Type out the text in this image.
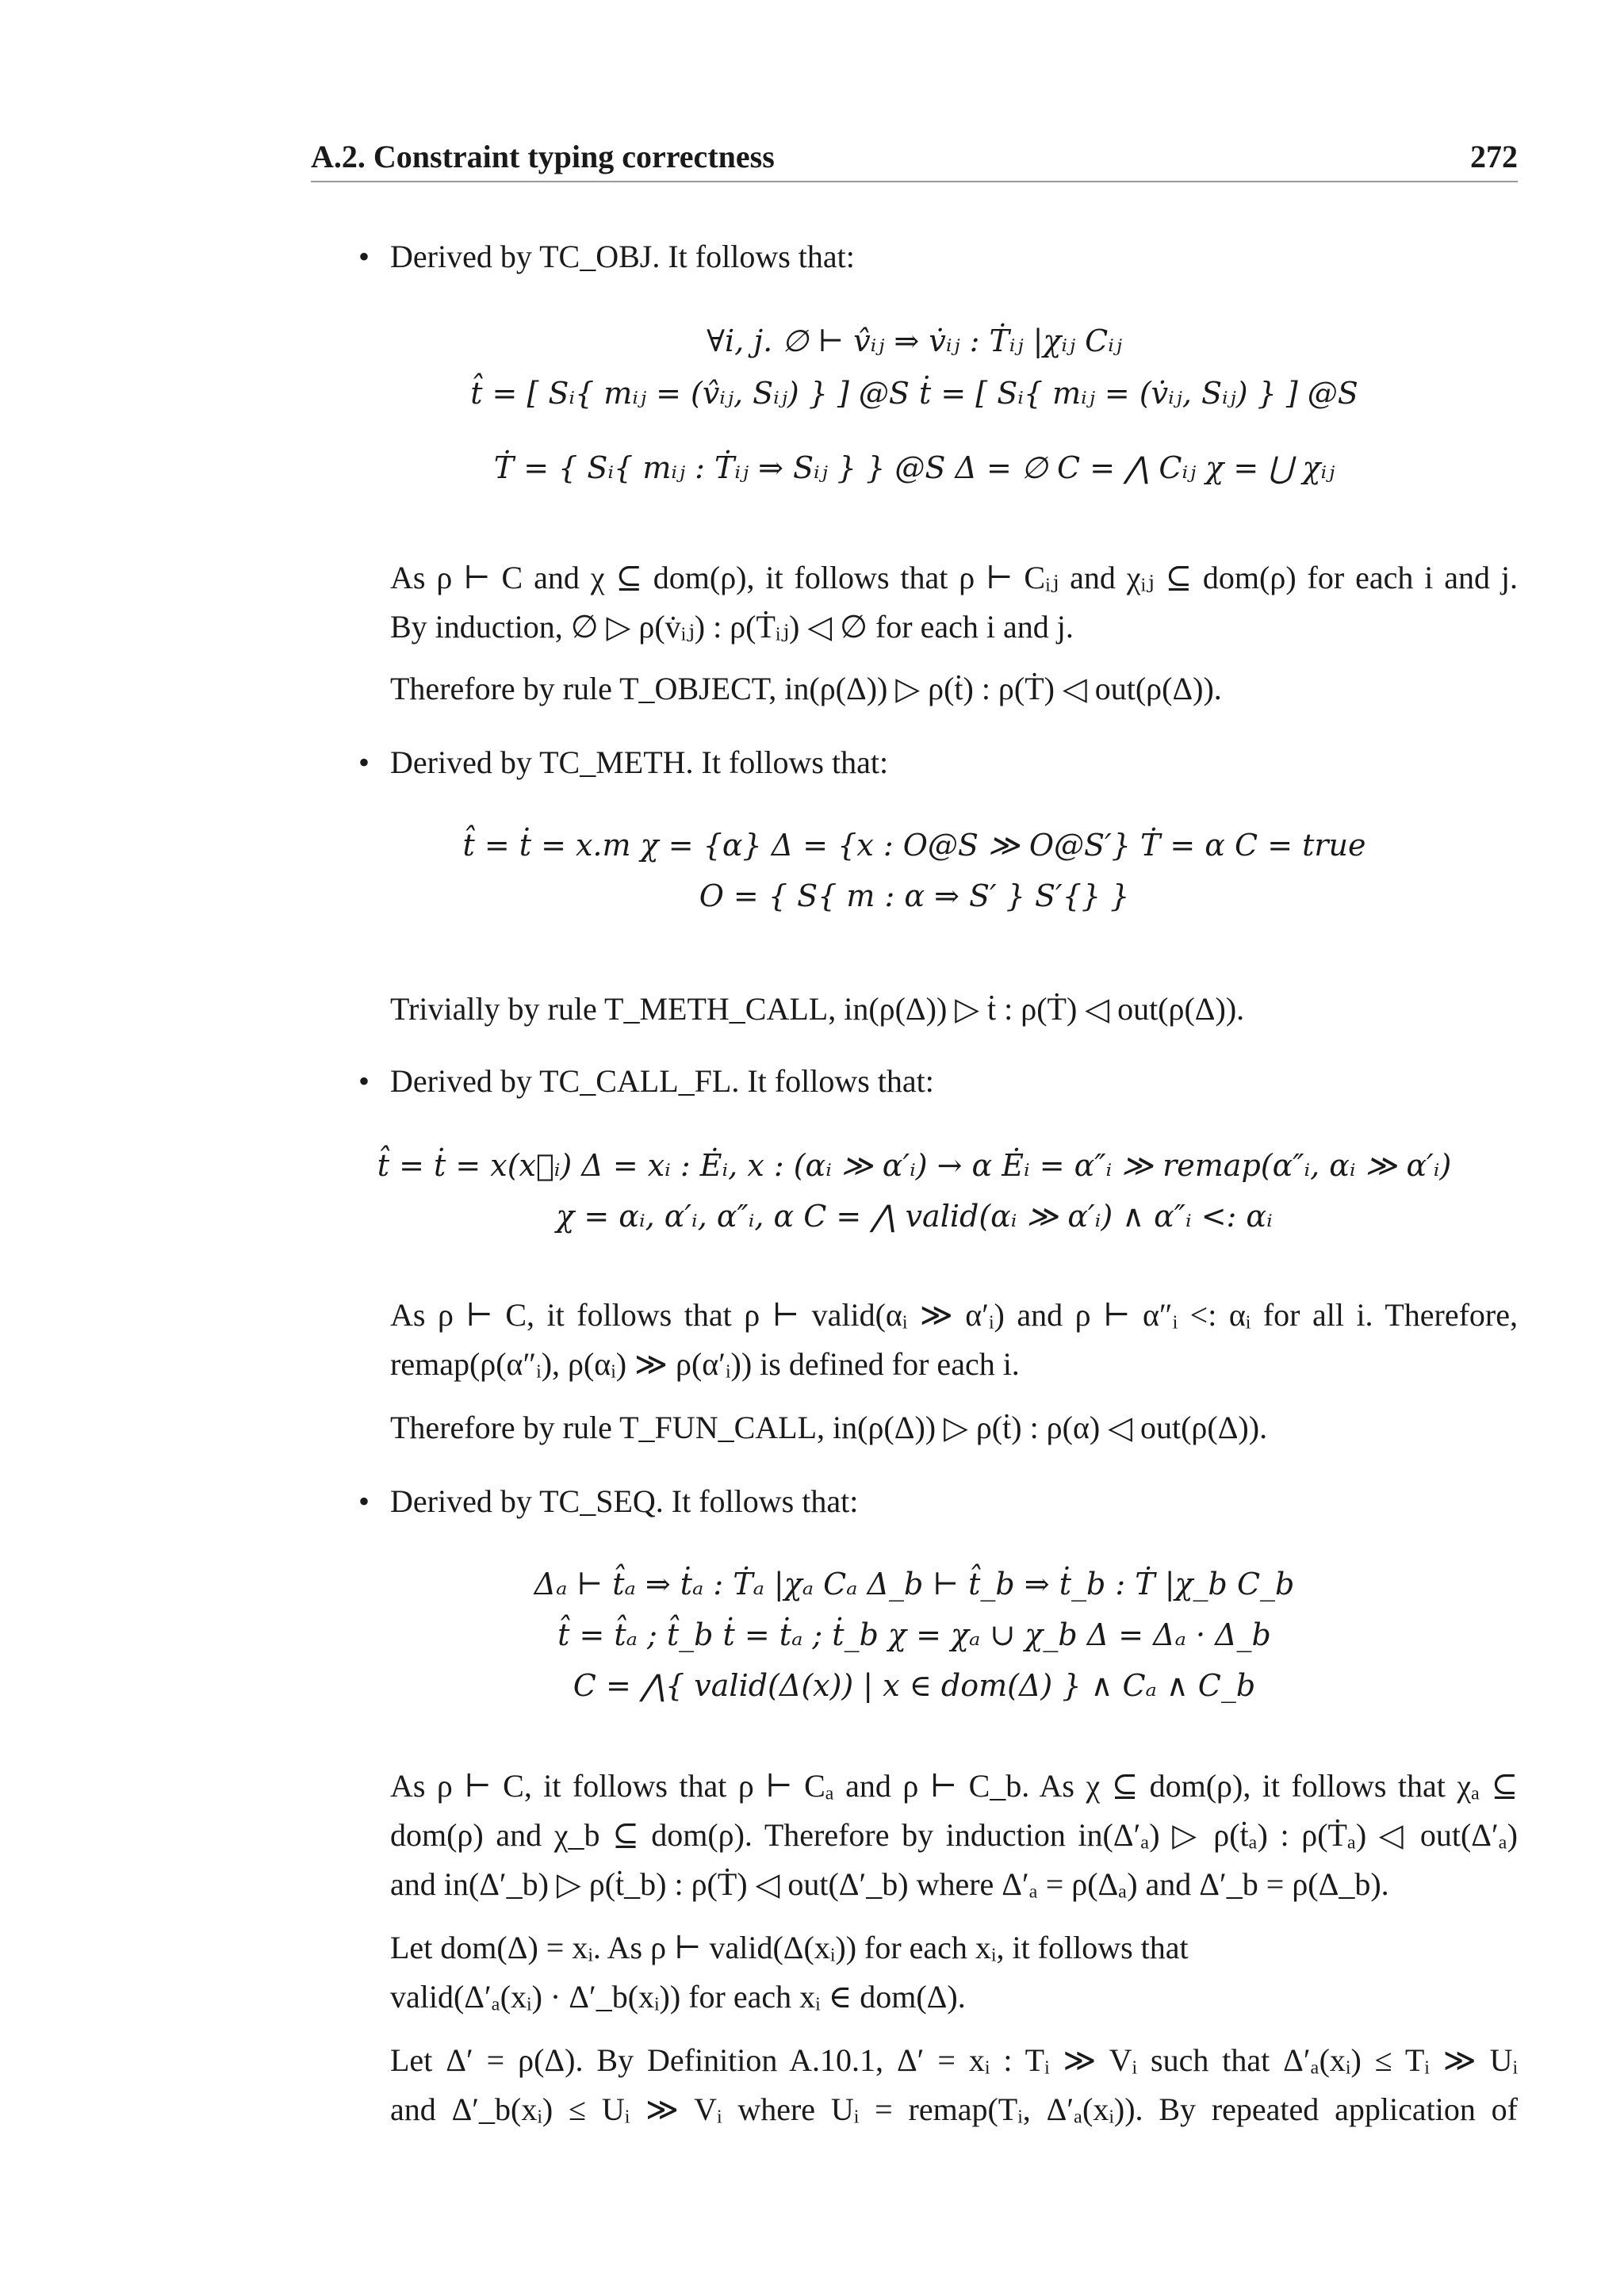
A.2. Constraint typing correctness	272
• Derived by TC_OBJ. It follows that:
∀i, j. ∅ ⊢ v̂ᵢⱼ ⇒ v̇ᵢⱼ : Ṫᵢⱼ |χᵢⱼ Cᵢⱼ
t̂ = [ Sᵢ{ mᵢⱼ = (v̂ᵢⱼ, Sᵢⱼ) } ] @S ṫ = [ Sᵢ{ mᵢⱼ = (v̇ᵢⱼ, Sᵢⱼ) } ] @S
Ṫ = { Sᵢ{ mᵢⱼ : Ṫᵢⱼ ⇒ Sᵢⱼ } } @S Δ = ∅ C = ⋀ Cᵢⱼ χ = ⋃ χᵢⱼ
As ρ ⊢ C and χ ⊆ dom(ρ), it follows that ρ ⊢ Cᵢⱼ and χᵢⱼ ⊆ dom(ρ) for each i and j.
By induction, ∅ ▷ ρ(v̇ᵢⱼ) : ρ(Ṫᵢⱼ) ◁ ∅ for each i and j.
Therefore by rule T_OBJECT, in(ρ(Δ)) ▷ ρ(ṫ) : ρ(Ṫ) ◁ out(ρ(Δ)).
• Derived by TC_METH. It follows that:
t̂ = ṫ = x.m χ = {α} Δ = {x : O@S ≫ O@S′} Ṫ = α C = true
O = { S{ m : α ⇒ S′ } S′{} }
Trivially by rule T_METH_CALL, in(ρ(Δ)) ▷ ṫ : ρ(Ṫ) ◁ out(ρ(Δ)).
• Derived by TC_CALL_FL. It follows that:
t̂ = ṫ = x(x⃗ᵢ) Δ = xᵢ : Ėᵢ, x : (αᵢ ≫ α′ᵢ) → α Ėᵢ = α″ᵢ ≫ remap(α″ᵢ, αᵢ ≫ α′ᵢ)
χ = αᵢ, α′ᵢ, α″ᵢ, α C = ⋀ valid(αᵢ ≫ α′ᵢ) ∧ α″ᵢ <: αᵢ
As ρ ⊢ C, it follows that ρ ⊢ valid(αᵢ ≫ α′ᵢ) and ρ ⊢ α″ᵢ <: αᵢ for all i. Therefore,
remap(ρ(α″ᵢ), ρ(αᵢ) ≫ ρ(α′ᵢ)) is defined for each i.
Therefore by rule T_FUN_CALL, in(ρ(Δ)) ▷ ρ(ṫ) : ρ(α) ◁ out(ρ(Δ)).
• Derived by TC_SEQ. It follows that:
Δₐ ⊢ t̂ₐ ⇒ ṫₐ : Ṫₐ |χₐ Cₐ Δ_b ⊢ t̂_b ⇒ ṫ_b : Ṫ |χ_b C_b
t̂ = t̂ₐ ; t̂_b ṫ = ṫₐ ; ṫ_b χ = χₐ ∪ χ_b Δ = Δₐ · Δ_b
C = ⋀{ valid(Δ(x)) | x ∈ dom(Δ) } ∧ Cₐ ∧ C_b
As ρ ⊢ C, it follows that ρ ⊢ Cₐ and ρ ⊢ C_b. As χ ⊆ dom(ρ), it follows that χₐ ⊆
dom(ρ) and χ_b ⊆ dom(ρ). Therefore by induction in(Δ′ₐ) ▷ ρ(ṫₐ) : ρ(Ṫₐ) ◁ out(Δ′ₐ)
and in(Δ′_b) ▷ ρ(ṫ_b) : ρ(Ṫ) ◁ out(Δ′_b) where Δ′ₐ = ρ(Δₐ) and Δ′_b = ρ(Δ_b).
Let dom(Δ) = xᵢ. As ρ ⊢ valid(Δ(xᵢ)) for each xᵢ, it follows that
valid(Δ′ₐ(xᵢ) · Δ′_b(xᵢ)) for each xᵢ ∈ dom(Δ).
Let Δ′ = ρ(Δ). By Definition A.10.1, Δ′ = xᵢ : Tᵢ ≫ Vᵢ such that Δ′ₐ(xᵢ) ≤ Tᵢ ≫ Uᵢ
and Δ′_b(xᵢ) ≤ Uᵢ ≫ Vᵢ where Uᵢ = remap(Tᵢ, Δ′ₐ(xᵢ)). By repeated application of
